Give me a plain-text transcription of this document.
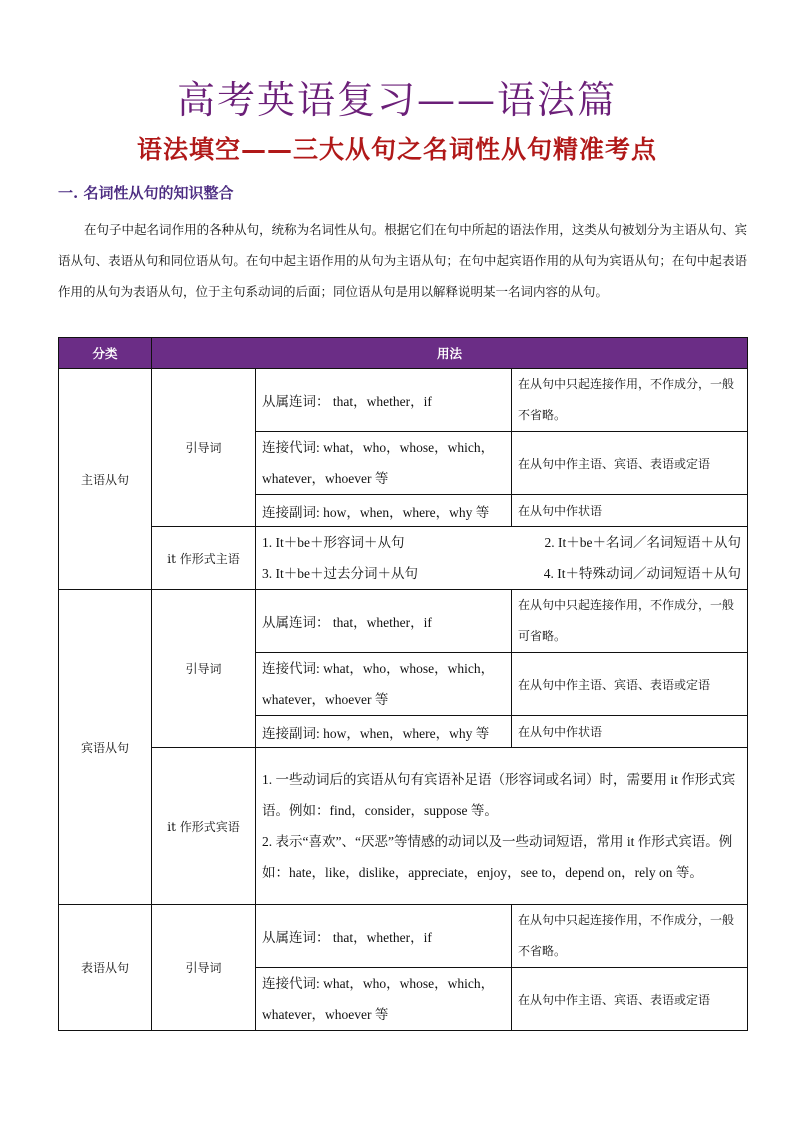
高考英语复习——语法篇
语法填空——三大从句之名词性从句精准考点
一. 名词性从句的知识整合
在句子中起名词作用的各种从句，统称为名词性从句。根据它们在句中所起的语法作用，这类从句被划分为主语从句、宾语从句、表语从句和同位语从句。在句中起主语作用的从句为主语从句；在句中起宾语作用的从句为宾语从句；在句中起表语作用的从句为表语从句，位于主句系动词的后面；同位语从句是用以解释说明某一名词内容的从句。
分类	用法		
主语从句	引导词	从属连词： that，whether，if	在从句中只起连接作用，不作成分，一般不省略。
		连接代词: what，who，whose，which，whatever，whoever 等	在从句中作主语、宾语、表语或定语
		连接副词: how，when，where，why 等	在从句中作状语
	it 作形式主语	1. It＋be＋形容词＋从句 2. It＋be＋名词／名词短语＋从句
3. It＋be＋过去分词＋从句 4. It＋特殊动词／动词短语＋从句	

宾语从句	引导词	从属连词： that，whether，if	在从句中只起连接作用，不作成分，一般可省略。
		连接代词: what，who，whose，which，whatever，whoever 等	在从句中作主语、宾语、表语或定语
		连接副词: how，when，where，why 等	在从句中作状语
	it 作形式宾语	1. 一些动词后的宾语从句有宾语补足语（形容词或名词）时，需要用 it 作形式宾语。例如：find，consider，suppose 等。
2. 表示“喜欢”、“厌恶”等情感的动词以及一些动词短语，常用 it 作形式宾语。例如：hate，like，dislike，appreciate，enjoy，see to，depend on，rely on 等。	

表语从句	引导词	从属连词： that，whether，if	在从句中只起连接作用，不作成分，一般不省略。
		连接代词: what，who，whose，which，whatever，whoever 等	在从句中作主语、宾语、表语或定语
